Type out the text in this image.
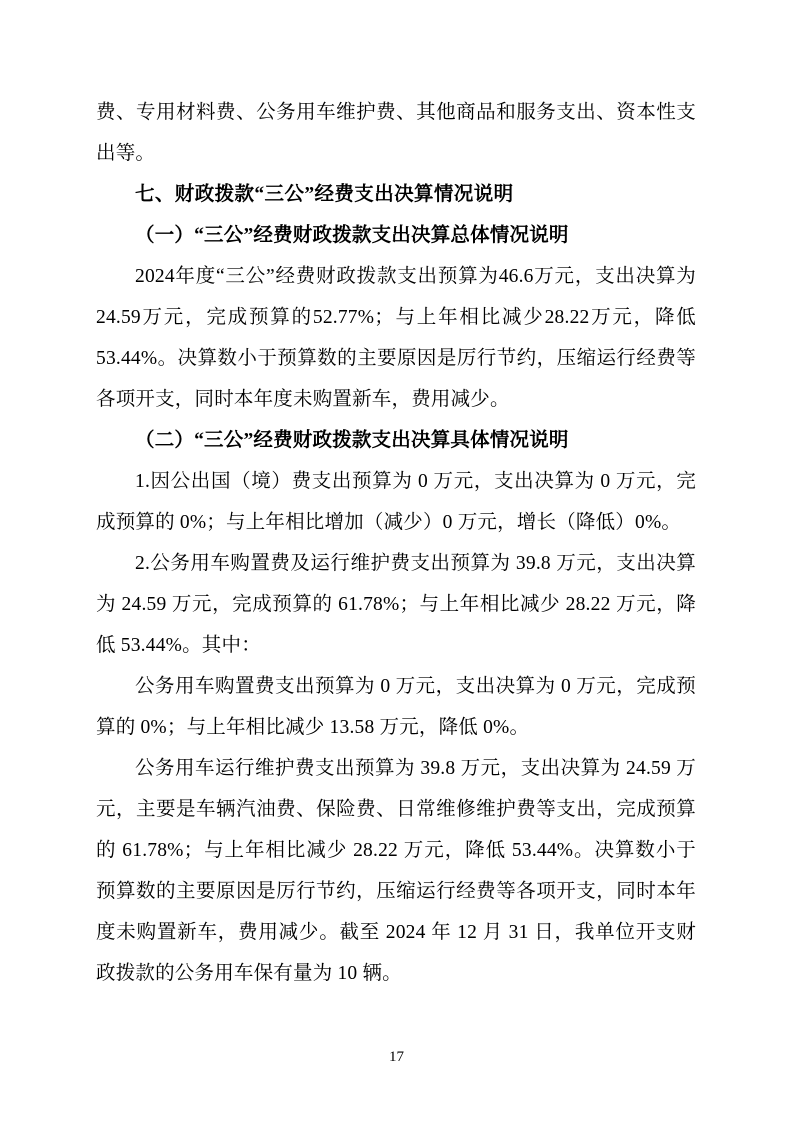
费、专用材料费、公务用车维护费、其他商品和服务支出、资本性支出等。

七、财政拨款“三公”经费支出决算情况说明

（一）“三公”经费财政拨款支出决算总体情况说明

2024年度“三公”经费财政拨款支出预算为46.6万元，支出决算为24.59万元，完成预算的52.77%；与上年相比减少28.22万元，降低53.44%。决算数小于预算数的主要原因是厉行节约，压缩运行经费等各项开支，同时本年度未购置新车，费用减少。

（二）“三公”经费财政拨款支出决算具体情况说明

1.因公出国（境）费支出预算为 0 万元，支出决算为 0 万元，完成预算的 0%；与上年相比增加（减少）0 万元，增长（降低）0%。

2.公务用车购置费及运行维护费支出预算为 39.8 万元，支出决算为 24.59 万元，完成预算的 61.78%；与上年相比减少 28.22 万元，降低 53.44%。其中：

公务用车购置费支出预算为 0 万元，支出决算为 0 万元，完成预算的 0%；与上年相比减少 13.58 万元，降低 0%。

公务用车运行维护费支出预算为 39.8 万元，支出决算为 24.59 万元，主要是车辆汽油费、保险费、日常维修维护费等支出，完成预算的 61.78%；与上年相比减少 28.22 万元，降低 53.44%。决算数小于预算数的主要原因是厉行节约，压缩运行经费等各项开支，同时本年度未购置新车，费用减少。截至 2024 年 12 月 31 日，我单位开支财政拨款的公务用车保有量为 10 辆。

17
